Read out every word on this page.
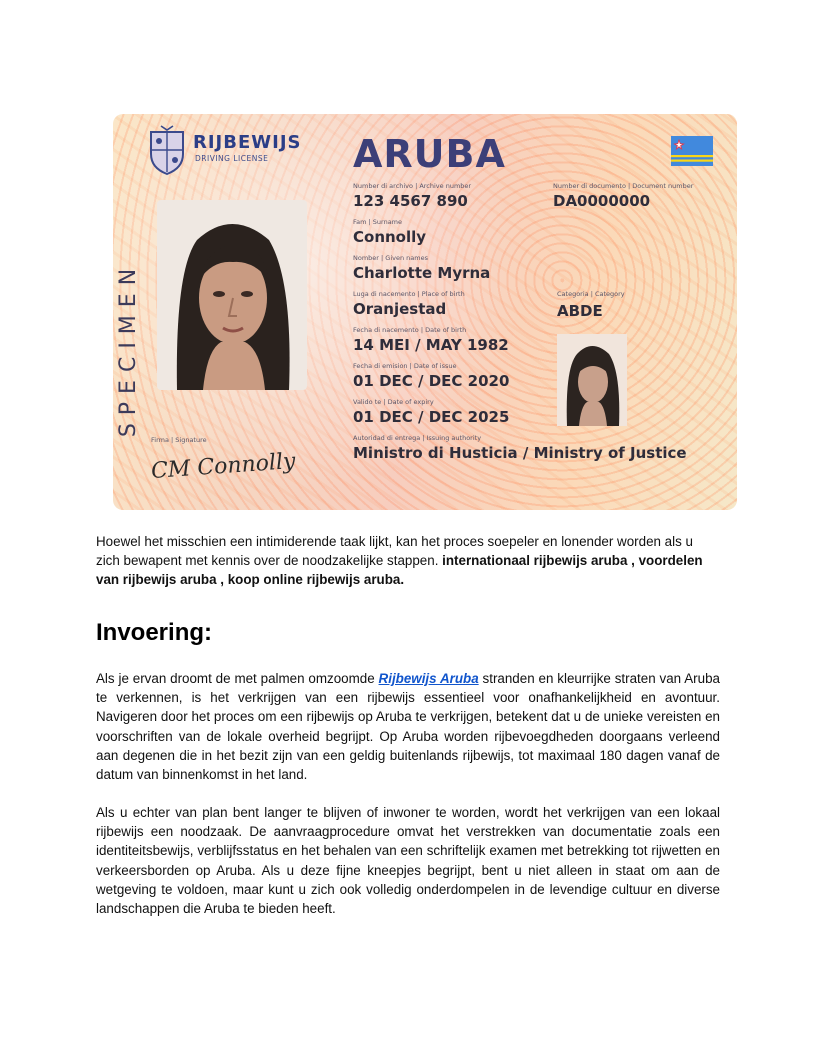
RIJBEWIJS
DRIVING LICENSE ARUBA
SPECIMEN
Number di archivo | Archive number
123 4567 890
Number di documento | Document number
DA0000000
Fam | Surname
Connolly
Nomber | Given names
Charlotte Myrna
Luga di nacemento | Place of birth
Oranjestad
Categoria | Category
ABDE
Fecha di nacemento | Date of birth
14 MEI / MAY 1982
Fecha di emision | Date of issue
01 DEC / DEC 2020
Valido te | Date of expiry
01 DEC / DEC 2025
Autoridad di entrega | Issuing authority
Ministro di Husticia / Ministry of Justice
Firma | Signature
CM Connolly

Hoewel het misschien een intimiderende taak lijkt, kan het proces soepeler en lonender worden als u zich bewapent met kennis over de noodzakelijke stappen. internationaal rijbewijs aruba , voordelen van rijbewijs aruba , koop online rijbewijs aruba.

Invoering:

Als je ervan droomt de met palmen omzoomde Rijbewijs Aruba stranden en kleurrijke straten van Aruba te verkennen, is het verkrijgen van een rijbewijs essentieel voor onafhankelijkheid en avontuur. Navigeren door het proces om een rijbewijs op Aruba te verkrijgen, betekent dat u de unieke vereisten en voorschriften van de lokale overheid begrijpt. Op Aruba worden rijbevoegdheden doorgaans verleend aan degenen die in het bezit zijn van een geldig buitenlands rijbewijs, tot maximaal 180 dagen vanaf de datum van binnenkomst in het land.

Als u echter van plan bent langer te blijven of inwoner te worden, wordt het verkrijgen van een lokaal rijbewijs een noodzaak. De aanvraagprocedure omvat het verstrekken van documentatie zoals een identiteitsbewijs, verblijfsstatus en het behalen van een schriftelijk examen met betrekking tot rijwetten en verkeersborden op Aruba. Als u deze fijne kneepjes begrijpt, bent u niet alleen in staat om aan de wetgeving te voldoen, maar kunt u zich ook volledig onderdompelen in de levendige cultuur en diverse landschappen die Aruba te bieden heeft.
